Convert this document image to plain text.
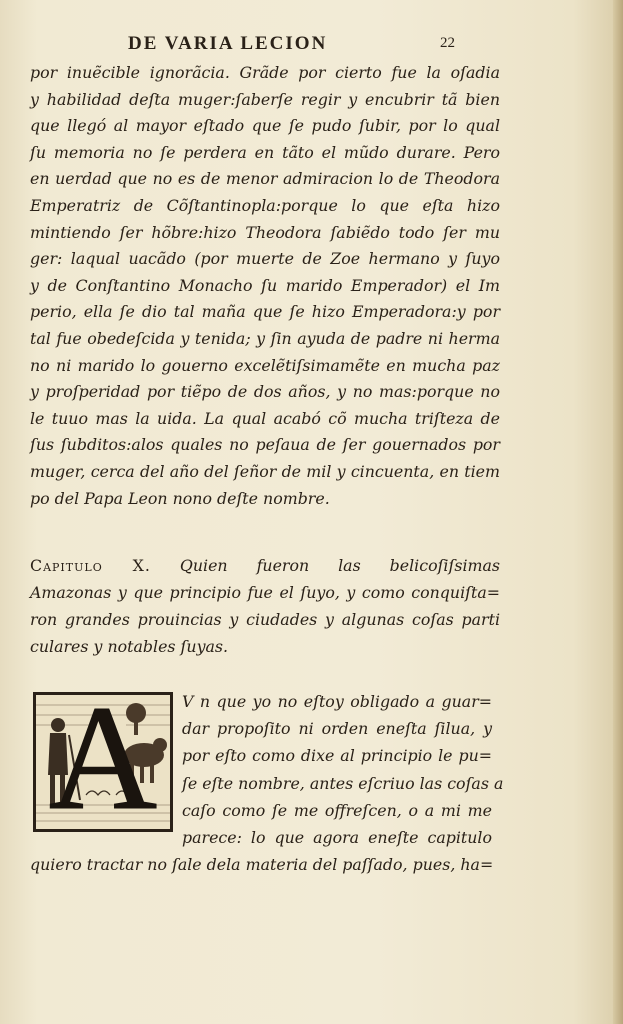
DE VARIA LECION	22
por inuẽcible ignorãcia. Grãde por cierto fue la oſadia
y habilidad deſta muger:ſaberſe regir y encubrir tã bien
que llegó al mayor eſtado que ſe pudo ſubir, por lo qual
ſu memoria no ſe perdera en tãto el mũdo durare. Pero
en uerdad que no es de menor admiracion lo de Theodora
Emperatriz de Cõſtantinopla:porque lo que eſta hizo
mintiendo ſer hõbre:hizo Theodora ſabiẽdo todo ſer mu
ger: laqual uacãdo (por muerte de Zoe hermano y ſuyo
y de Conſtantino Monacho ſu marido Emperador) el Im
perio, ella ſe dio tal maña que ſe hizo Emperadora:y por
tal fue obedeſcida y tenida; y ſin ayuda de padre ni herma
no ni marido lo gouerno excelẽtiſsimamẽte en mucha paz
y proſperidad por tiẽpo de dos años, y no mas:porque no
le tuuo mas la uida. La qual acabó cõ mucha triſteza de
ſus ſubditos:alos quales no peſaua de ſer gouernados por
muger, cerca del año del ſeñor de mil y cincuenta, en tiem
po del Papa Leon nono deſte nombre.
Capitulo X. Quien fueron las belicoſiſsimas
Amazonas y que principio fue el ſuyo, y como conquiſta=
ron grandes prouincias y ciudades y algunas coſas parti
culares y notables ſuyas.
A	V n que yo no eſtoy obligado a guar=
dar propoſito ni orden eneſta ſilua, y
por eſto como dixe al principio le pu=
ſe eſte nombre, antes eſcriuo las coſas a
caſo como ſe me offreſcen, o a mi me
parece: lo que agora eneſte capitulo
quiero tractar no ſale dela materia del paſſado, pues, ha=
